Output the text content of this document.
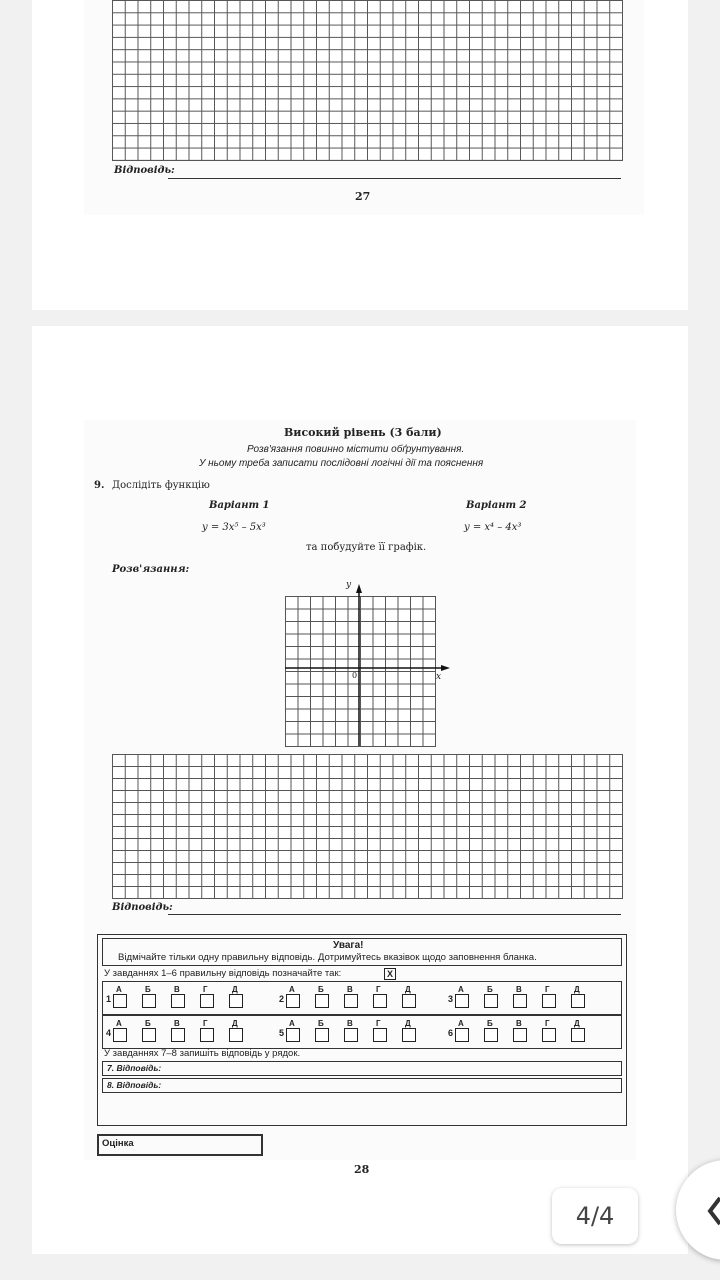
Відповідь:
27
Високий рівень (3 бали)
Розв'язання повинно містити обґрунтування.
У ньому треба записати послідовні логічні дії та пояснення
9. Дослідіть функцію
Варіант 1
y = 3x⁵ – 5x³
Варіант 2
y = x⁴ – 4x³
та побудуйте її графік.
Розв'язання:
y
x
0
Відповідь:
Увага!
Відмічайте тільки одну правильну відповідь. Дотримуйтесь вказівок щодо заповнення бланка.
У завданнях 1–6 правильну відповідь позначайте так:	X
1
А	Б	В	Г	Д
2
А	Б	В	Г	Д
3
А	Б	В	Г	Д
4
А	Б	В	Г	Д
5
А	Б	В	Г	Д
6
А	Б	В	Г	Д
У завданнях 7–8 запишіть відповідь у рядок.
7. Відповідь:
8. Відповідь:
Оцінка
28
4/4
